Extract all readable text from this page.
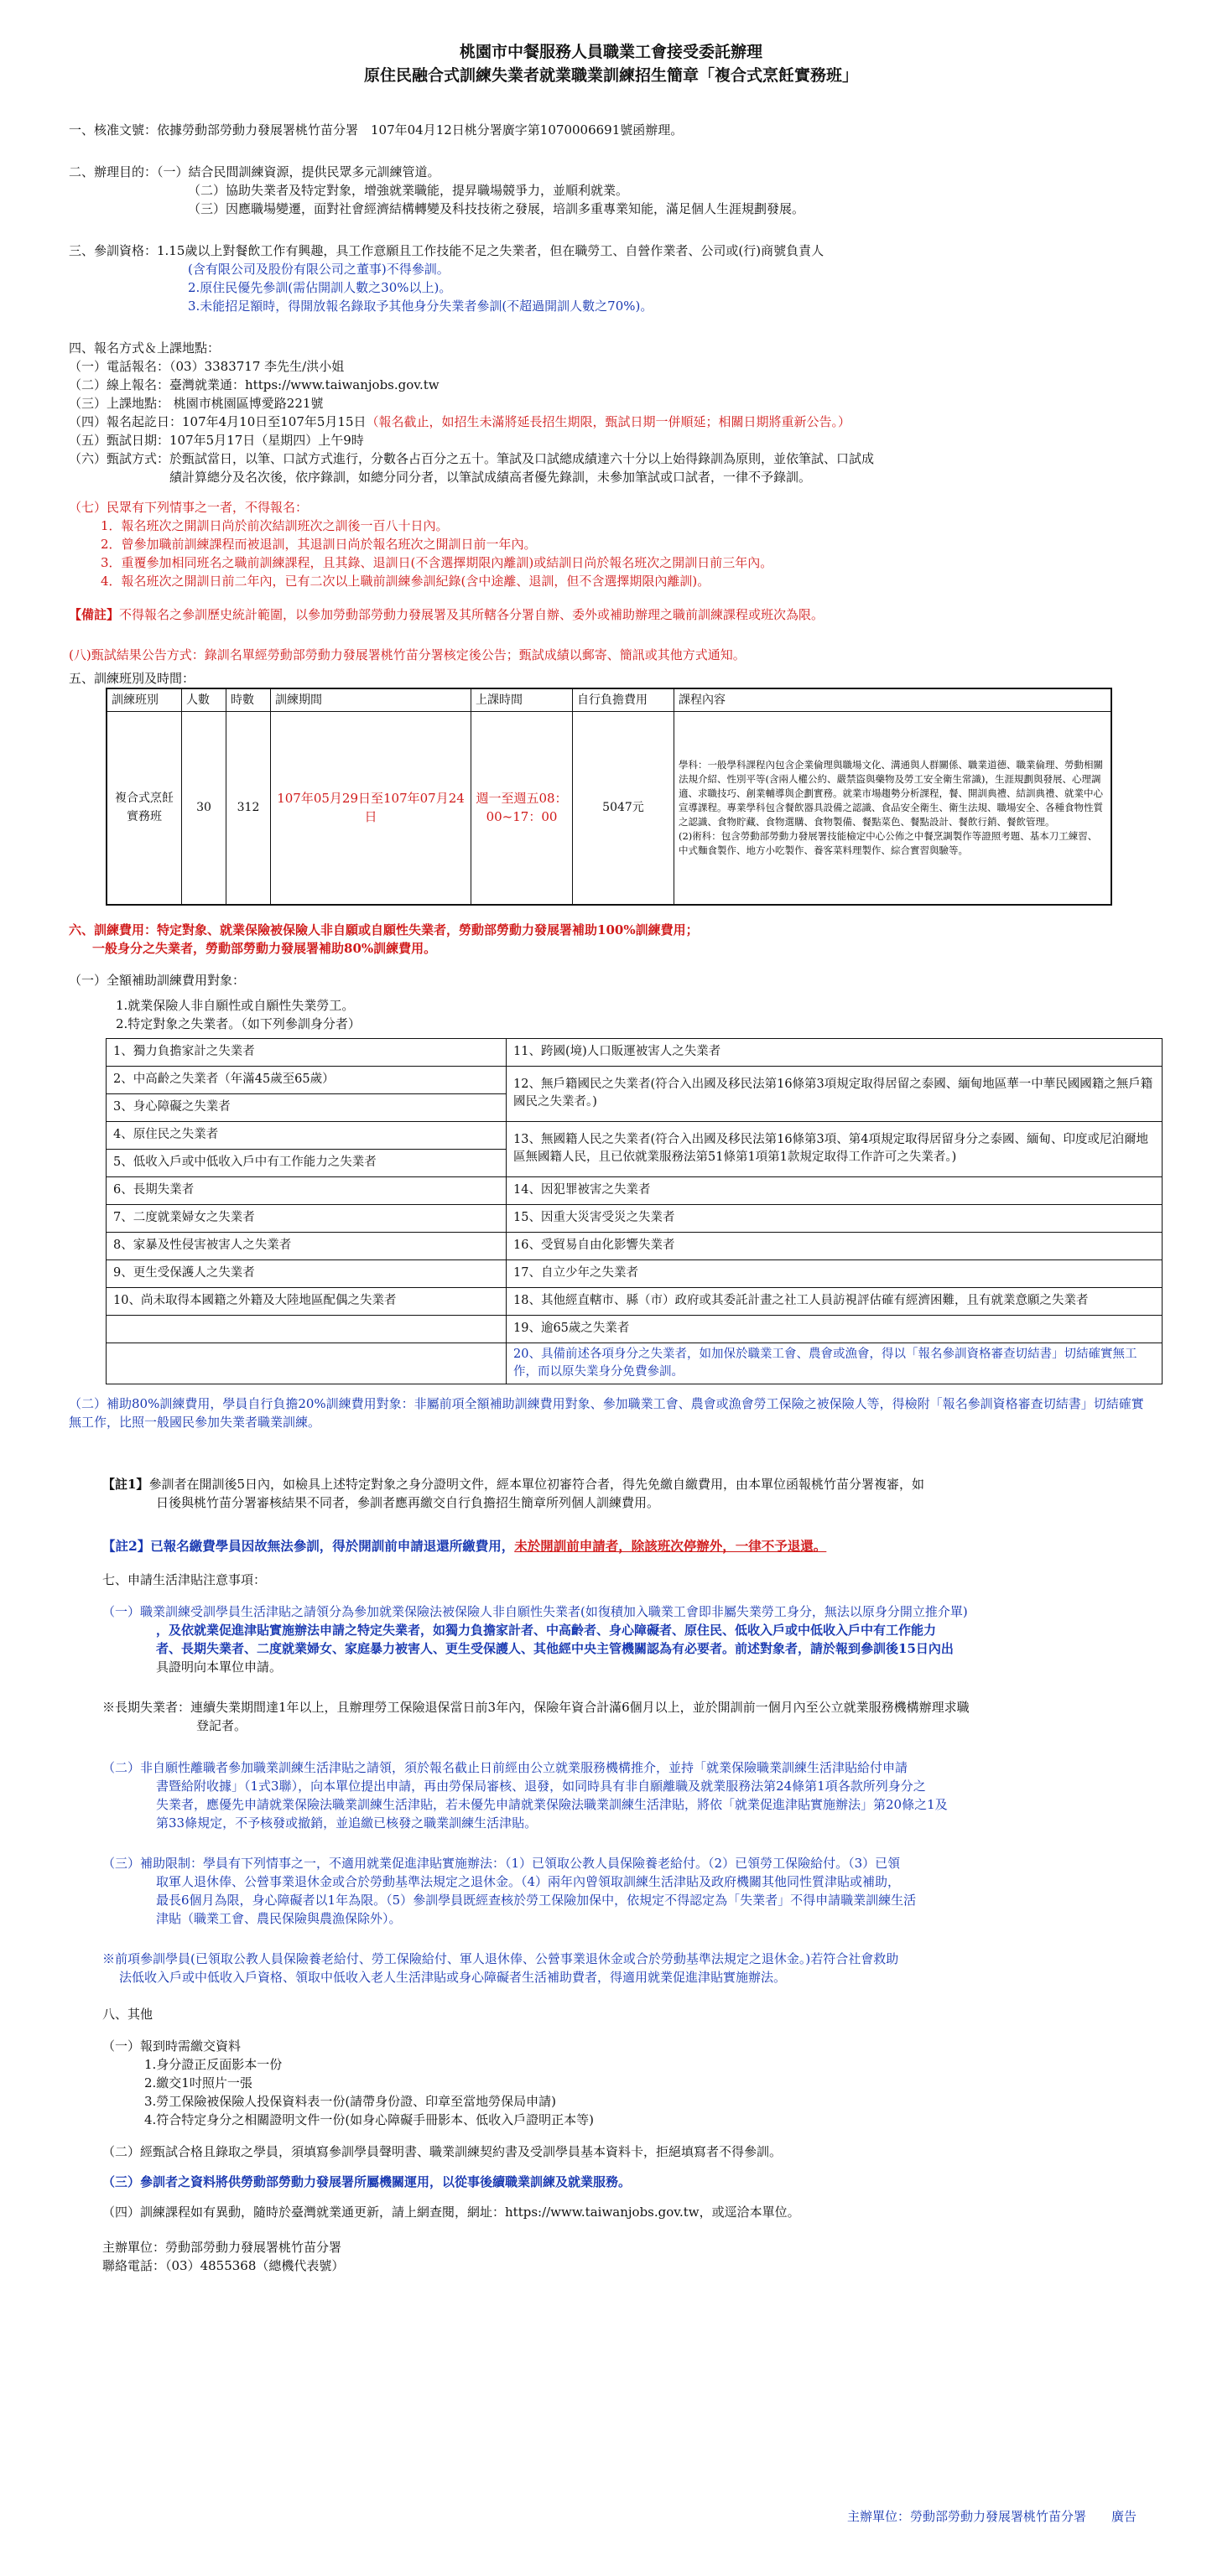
桃園市中餐服務人員職業工會接受委託辦理
原住民融合式訓練失業者就業職業訓練招生簡章「複合式烹飪實務班」
一、核准文號：依據勞動部勞動力發展署桃竹苗分署　107年04月12日桃分署廣字第1070006691號函辦理。
二、辦理目的：（一）結合民間訓練資源，提供民眾多元訓練管道。
（二）協助失業者及特定對象，增強就業職能，提昇職場競爭力，並順利就業。
（三）因應職場變遷，面對社會經濟結構轉變及科技技術之發展，培訓多重專業知能，滿足個人生涯規劃發展。
三、參訓資格：1.15歲以上對餐飲工作有興趣，具工作意願且工作技能不足之失業者，但在職勞工、自營作業者、公司或(行)商號負責人
(含有限公司及股份有限公司之董事)不得參訓。
2.原住民優先參訓(需佔開訓人數之30%以上)。
3.未能招足額時，得開放報名錄取予其他身分失業者參訓(不超過開訓人數之70%)。
四、報名方式＆上課地點：
（一）電話報名：（03）3383717 李先生/洪小姐
（二）線上報名：臺灣就業通：https://www.taiwanjobs.gov.tw
（三）上課地點： 桃園市桃園區博愛路221號
（四）報名起訖日：107年4月10日至107年5月15日（報名截止，如招生未滿將延長招生期限，甄試日期一併順延；相關日期將重新公告。）
（五）甄試日期：107年5月17日（星期四）上午9時
（六）甄試方式：於甄試當日，以筆、口試方式進行，分數各占百分之五十。筆試及口試總成績達六十分以上始得錄訓為原則，並依筆試、口試成
績計算總分及名次後，依序錄訓，如總分同分者，以筆試成績高者優先錄訓，未參加筆試或口試者，一律不予錄訓。
（七）民眾有下列情事之一者，不得報名：
1．報名班次之開訓日尚於前次結訓班次之訓後一百八十日內。
2．曾參加職前訓練課程而被退訓，其退訓日尚於報名班次之開訓日前一年內。
3．重覆參加相同班名之職前訓練課程，且其錄、退訓日(不含選擇期限內離訓)或結訓日尚於報名班次之開訓日前三年內。
4．報名班次之開訓日前二年內，已有二次以上職前訓練參訓紀錄(含中途離、退訓，但不含選擇期限內離訓)。
【備註】不得報名之參訓歷史統計範圍，以參加勞動部勞動力發展署及其所轄各分署自辦、委外或補助辦理之職前訓練課程或班次為限。
(八)甄試結果公告方式：錄訓名單經勞動部勞動力發展署桃竹苗分署核定後公告；甄試成績以郵寄、簡訊或其他方式通知。
五、訓練班別及時間：
訓練班別	人數	時數	訓練期間	上課時間	自行負擔費用	課程內容
複合式烹飪實務班	30	312	107年05月29日至107年07月24日	週一至週五08：00~17：00	5047元	學科：一般學科課程內包含企業倫理與職場文化、溝通與人群關係、職業道德、職業倫理、勞動相關法規介紹、性別平等(含兩人權公約、嚴禁盜與藥物及勞工安全衛生常識)，生涯規劃與發展、心理調適、求職技巧、創業輔導與企劃實務。就業市場趨勢分析課程，餐、開訓典禮、結訓典禮、就業中心宣導課程。專業學科包含餐飲器具設備之認識、食品安全衛生、衛生法規、職場安全、各種食物性質之認識、食物貯藏、食物選購、食物製備、餐點菜色、餐點設計、餐飲行銷、餐飲管理。
(2)術科：包含勞動部勞動力發展署技能檢定中心公佈之中餐烹調製作等證照考題、基本刀工練習、中式麵食製作、地方小吃製作、養客菜料理製作、綜合實習與驗等。
六、訓練費用：特定對象、就業保險被保險人非自願或自願性失業者，勞動部勞動力發展署補助100%訓練費用；
一般身分之失業者，勞動部勞動力發展署補助80%訓練費用。
（一）全額補助訓練費用對象：
1.就業保險人非自願性或自願性失業勞工。
2.特定對象之失業者。（如下列參訓身分者）
1、獨力負擔家計之失業者	11、跨國(境)人口販運被害人之失業者
2、中高齡之失業者（年滿45歲至65歲）	12、無戶籍國民之失業者(符合入出國及移民法第16條第3項規定取得居留之泰國、緬甸地區華一中華民國國籍之無戶籍國民之失業者。)
3、身心障礙之失業者	
4、原住民之失業者	13、無國籍人民之失業者(符合入出國及移民法第16條第3項、第4項規定取得居留身分之泰國、緬甸、印度或尼泊爾地區無國籍人民，且已依就業服務法第51條第1項第1款規定取得工作許可之失業者。)
5、低收入戶或中低收入戶中有工作能力之失業者	
6、長期失業者	14、因犯罪被害之失業者
7、二度就業婦女之失業者	15、因重大災害受災之失業者
8、家暴及性侵害被害人之失業者	16、受貿易自由化影響失業者
9、更生受保護人之失業者	17、自立少年之失業者
10、尚未取得本國籍之外籍及大陸地區配偶之失業者	18、其他經直轄市、縣（市）政府或其委託計畫之社工人員訪視評估確有經濟困難，且有就業意願之失業者
	19、逾65歲之失業者
	20、具備前述各項身分之失業者，如加保於職業工會、農會或漁會，得以「報名參訓資格審查切結書」切結確實無工作，而以原失業身分免費參訓。
（二）補助80%訓練費用，學員自行負擔20%訓練費用對象：非屬前項全額補助訓練費用對象、參加職業工會、農會或漁會勞工保險之被保險人等，得檢附「報名參訓資格審查切結書」切結確實無工作，比照一般國民參加失業者職業訓練。
【註1】參訓者在開訓後5日內，如檢具上述特定對象之身分證明文件，經本單位初審符合者，得先免繳自繳費用，由本單位函報桃竹苗分署複審，如
日後與桃竹苗分署審核結果不同者，參訓者應再繳交自行負擔招生簡章所列個人訓練費用。
【註2】已報名繳費學員因故無法參訓，得於開訓前申請退還所繳費用，未於開訓前申請者，除該班次停辦外，一律不予退還。
七、申請生活津貼注意事項：
（一）職業訓練受訓學員生活津貼之請領分為參加就業保險法被保險人非自願性失業者(如復積加入職業工會即非屬失業勞工身分，無法以原身分開立推介單)
，及依就業促進津貼實施辦法申請之特定失業者，如獨力負擔家計者、中高齡者、身心障礙者、原住民、低收入戶或中低收入戶中有工作能力
者、長期失業者、二度就業婦女、家庭暴力被害人、更生受保護人、其他經中央主管機關認為有必要者。前述對象者，請於報到參訓後15日內出
具證明向本單位申請。
※長期失業者：連續失業期間達1年以上，且辦理勞工保險退保當日前3年內，保險年資合計滿6個月以上，並於開訓前一個月內至公立就業服務機構辦理求職
登記者。
（二）非自願性離職者參加職業訓練生活津貼之請領，須於報名截止日前經由公立就業服務機構推介，並持「就業保險職業訓練生活津貼給付申請
書暨給附收據」（1式3聯），向本單位提出申請，再由勞保局審核、退發，如同時具有非自願離職及就業服務法第24條第1項各款所列身分之
失業者，應優先申請就業保險法職業訓練生活津貼，若未優先申請就業保險法職業訓練生活津貼，將依「就業促進津貼實施辦法」第20條之1及
第33條規定，不予核發或撤銷，並追繳已核發之職業訓練生活津貼。
（三）補助限制：學員有下列情事之一，不適用就業促進津貼實施辦法：（1）已領取公教人員保險養老給付。（2）已領勞工保險給付。（3）已領
取軍人退休俸、公營事業退休金或合於勞動基準法規定之退休金。（4）兩年內曾領取訓練生活津貼及政府機關其他同性質津貼或補助，
最長6個月為限，身心障礙者以1年為限。（5）參訓學員既經查核於勞工保險加保中，依規定不得認定為「失業者」不得申請職業訓練生活
津貼（職業工會、農民保險與農漁保除外）。
※前項參訓學員(已領取公教人員保險養老給付、勞工保險給付、軍人退休俸、公營事業退休金或合於勞動基準法規定之退休金。)若符合社會救助
法低收入戶或中低收入戶資格、領取中低收入老人生活津貼或身心障礙者生活補助費者，得適用就業促進津貼實施辦法。
八、其他
（一）報到時需繳交資料
1.身分證正反面影本一份
2.繳交1吋照片一張
3.勞工保險被保險人投保資料表一份(請帶身份證、印章至當地勞保局申請)
4.符合特定身分之相關證明文件一份(如身心障礙手冊影本、低收入戶證明正本等)
（二）經甄試合格且錄取之學員，須填寫參訓學員聲明書、職業訓練契約書及受訓學員基本資料卡，拒絕填寫者不得參訓。
（三）參訓者之資料將供勞動部勞動力發展署所屬機關運用，以從事後續職業訓練及就業服務。
（四）訓練課程如有異動，隨時於臺灣就業通更新，請上網查閱，網址：https://www.taiwanjobs.gov.tw，或逕洽本單位。
主辦單位：勞動部勞動力發展署桃竹苗分署
聯絡電話：（03）4855368（總機代表號）
主辦單位：勞動部勞動力發展署桃竹苗分署　　廣告
